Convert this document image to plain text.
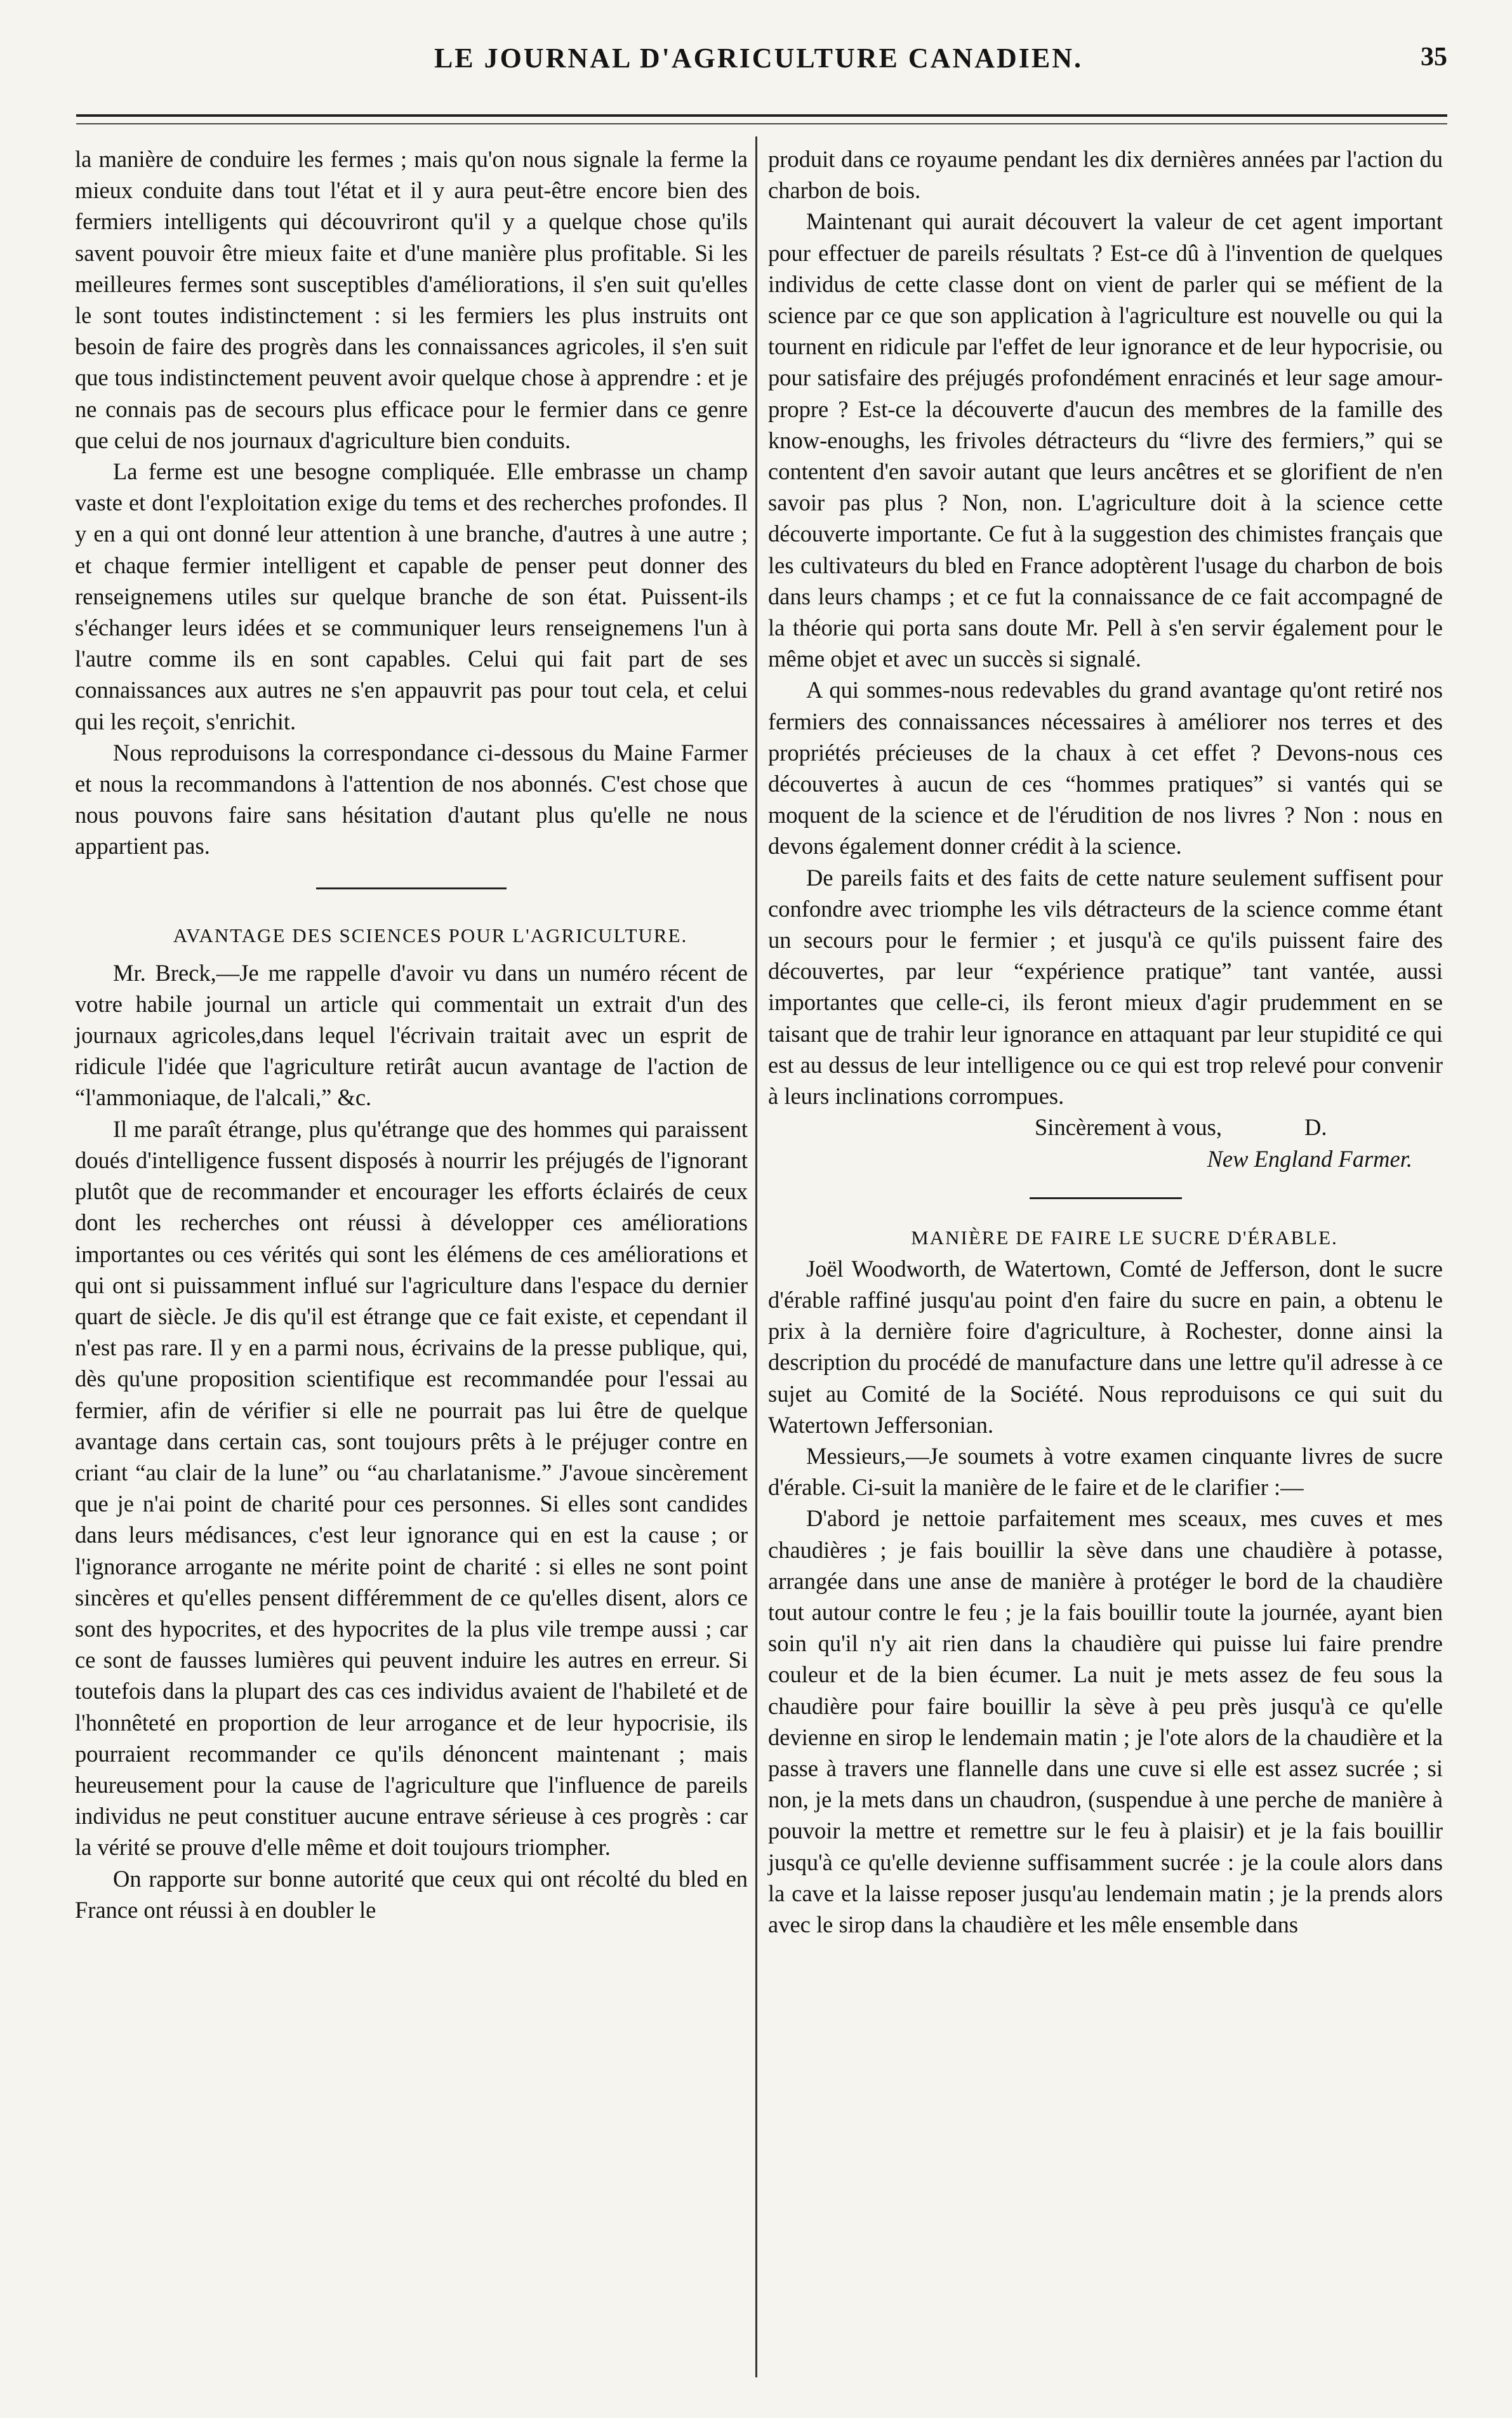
LE JOURNAL D'AGRICULTURE CANADIEN.	35

la manière de conduire les fermes ; mais qu'on nous signale la ferme la mieux conduite dans tout l'état et il y aura peut-être encore bien des fermiers intelligents qui découvriront qu'il y a quelque chose qu'ils savent pouvoir être mieux faite et d'une manière plus profitable. Si les meilleures fermes sont susceptibles d'améliorations, il s'en suit qu'elles le sont toutes indistinctement : si les fermiers les plus instruits ont besoin de faire des progrès dans les connaissances agricoles, il s'en suit que tous indistinctement peuvent avoir quelque chose à apprendre : et je ne connais pas de secours plus efficace pour le fermier dans ce genre que celui de nos journaux d'agriculture bien conduits.

La ferme est une besogne compliquée. Elle embrasse un champ vaste et dont l'exploitation exige du tems et des recherches profondes. Il y en a qui ont donné leur attention à une branche, d'autres à une autre ; et chaque fermier intelligent et capable de penser peut donner des renseignemens utiles sur quelque branche de son état. Puissent-ils s'échanger leurs idées et se communiquer leurs renseignemens l'un à l'autre comme ils en sont capables. Celui qui fait part de ses connaissances aux autres ne s'en appauvrit pas pour tout cela, et celui qui les reçoit, s'enrichit.

Nous reproduisons la correspondance ci-dessous du Maine Farmer et nous la recommandons à l'attention de nos abonnés. C'est chose que nous pouvons faire sans hésitation d'autant plus qu'elle ne nous appartient pas.

AVANTAGE DES SCIENCES POUR L'AGRICULTURE.

Mr. Breck,—Je me rappelle d'avoir vu dans un numéro récent de votre habile journal un article qui commentait un extrait d'un des journaux agricoles,dans lequel l'écrivain traitait avec un esprit de ridicule l'idée que l'agriculture retirât aucun avantage de l'action de “l'ammoniaque, de l'alcali,” &c.

Il me paraît étrange, plus qu'étrange que des hommes qui paraissent doués d'intelligence fussent disposés à nourrir les préjugés de l'ignorant plutôt que de recommander et encourager les efforts éclairés de ceux dont les recherches ont réussi à développer ces améliorations importantes ou ces vérités qui sont les élémens de ces améliorations et qui ont si puissamment influé sur l'agriculture dans l'espace du dernier quart de siècle. Je dis qu'il est étrange que ce fait existe, et cependant il n'est pas rare. Il y en a parmi nous, écrivains de la presse publique, qui, dès qu'une proposition scientifique est recommandée pour l'essai au fermier, afin de vérifier si elle ne pourrait pas lui être de quelque avantage dans certain cas, sont toujours prêts à le préjuger contre en criant “au clair de la lune” ou “au charlatanisme.” J'avoue sincèrement que je n'ai point de charité pour ces personnes. Si elles sont candides dans leurs médisances, c'est leur ignorance qui en est la cause ; or l'ignorance arrogante ne mérite point de charité : si elles ne sont point sincères et qu'elles pensent différemment de ce qu'elles disent, alors ce sont des hypocrites, et des hypocrites de la plus vile trempe aussi ; car ce sont de fausses lumières qui peuvent induire les autres en erreur. Si toutefois dans la plupart des cas ces individus avaient de l'habileté et de l'honnêteté en proportion de leur arrogance et de leur hypocrisie, ils pourraient recommander ce qu'ils dénoncent maintenant ; mais heureusement pour la cause de l'agriculture que l'influence de pareils individus ne peut constituer aucune entrave sérieuse à ces progrès : car la vérité se prouve d'elle même et doit toujours triompher.

On rapporte sur bonne autorité que ceux qui ont récolté du bled en France ont réussi à en doubler le

produit dans ce royaume pendant les dix dernières années par l'action du charbon de bois.

Maintenant qui aurait découvert la valeur de cet agent important pour effectuer de pareils résultats ? Est-ce dû à l'invention de quelques individus de cette classe dont on vient de parler qui se méfient de la science par ce que son application à l'agriculture est nouvelle ou qui la tournent en ridicule par l'effet de leur ignorance et de leur hypocrisie, ou pour satisfaire des préjugés profondément enracinés et leur sage amour-propre ? Est-ce la découverte d'aucun des membres de la famille des know-enoughs, les frivoles détracteurs du “livre des fermiers,” qui se contentent d'en savoir autant que leurs ancêtres et se glorifient de n'en savoir pas plus ? Non, non. L'agriculture doit à la science cette découverte importante. Ce fut à la suggestion des chimistes français que les cultivateurs du bled en France adoptèrent l'usage du charbon de bois dans leurs champs ; et ce fut la connaissance de ce fait accompagné de la théorie qui porta sans doute Mr. Pell à s'en servir également pour le même objet et avec un succès si signalé.

A qui sommes-nous redevables du grand avantage qu'ont retiré nos fermiers des connaissances nécessaires à améliorer nos terres et des propriétés précieuses de la chaux à cet effet ? Devons-nous ces découvertes à aucun de ces “hommes pratiques” si vantés qui se moquent de la science et de l'érudition de nos livres ? Non : nous en devons également donner crédit à la science.

De pareils faits et des faits de cette nature seulement suffisent pour confondre avec triomphe les vils détracteurs de la science comme étant un secours pour le fermier ; et jusqu'à ce qu'ils puissent faire des découvertes, par leur “expérience pratique” tant vantée, aussi importantes que celle-ci, ils feront mieux d'agir prudemment en se taisant que de trahir leur ignorance en attaquant par leur stupidité ce qui est au dessus de leur intelligence ou ce qui est trop relevé pour convenir à leurs inclinations corrompues.

Sincèrement à vous,	D.
New England Farmer.

MANIÈRE DE FAIRE LE SUCRE D'ÉRABLE.

Joël Woodworth, de Watertown, Comté de Jefferson, dont le sucre d'érable raffiné jusqu'au point d'en faire du sucre en pain, a obtenu le prix à la dernière foire d'agriculture, à Rochester, donne ainsi la description du procédé de manufacture dans une lettre qu'il adresse à ce sujet au Comité de la Société. Nous reproduisons ce qui suit du Watertown Jeffersonian.

Messieurs,—Je soumets à votre examen cinquante livres de sucre d'érable. Ci-suit la manière de le faire et de le clarifier :—

D'abord je nettoie parfaitement mes sceaux, mes cuves et mes chaudières ; je fais bouillir la sève dans une chaudière à potasse, arrangée dans une anse de manière à protéger le bord de la chaudière tout autour contre le feu ; je la fais bouillir toute la journée, ayant bien soin qu'il n'y ait rien dans la chaudière qui puisse lui faire prendre couleur et de la bien écumer. La nuit je mets assez de feu sous la chaudière pour faire bouillir la sève à peu près jusqu'à ce qu'elle devienne en sirop le lendemain matin ; je l'ote alors de la chaudière et la passe à travers une flannelle dans une cuve si elle est assez sucrée ; si non, je la mets dans un chaudron, (suspendue à une perche de manière à pouvoir la mettre et remettre sur le feu à plaisir) et je la fais bouillir jusqu'à ce qu'elle devienne suffisamment sucrée : je la coule alors dans la cave et la laisse reposer jusqu'au lendemain matin ; je la prends alors avec le sirop dans la chaudière et les mêle ensemble dans
